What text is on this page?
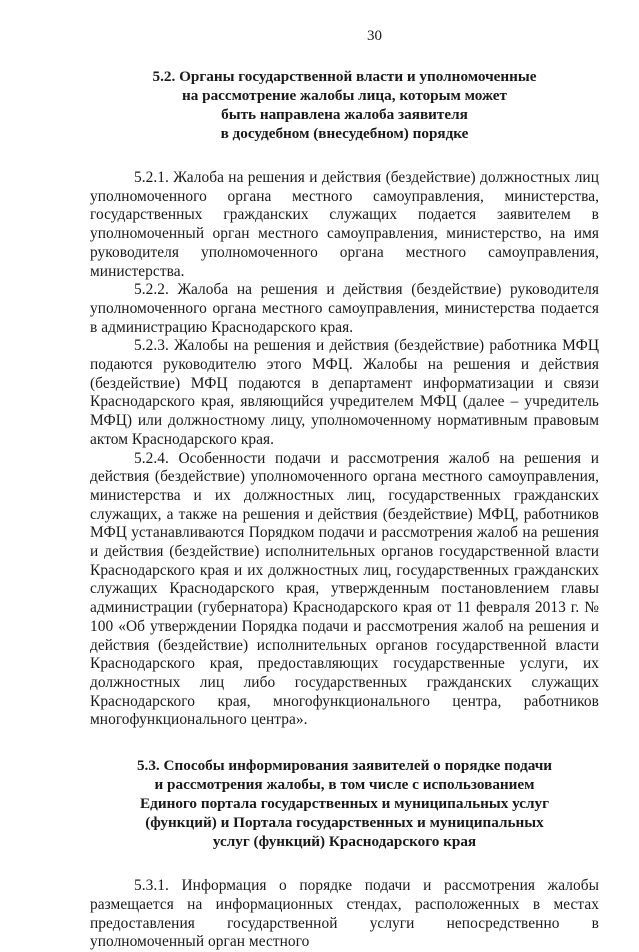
30
5.2. Органы государственной власти и уполномоченные
на рассмотрение жалобы лица, которым может
быть направлена жалоба заявителя
в досудебном (внесудебном) порядке

5.2.1. Жалоба на решения и действия (бездействие) должностных лиц уполномоченного органа местного самоуправления, министерства, государственных гражданских служащих подается заявителем в уполномоченный орган местного самоуправления, министерство, на имя руководителя уполномоченного органа местного самоуправления, министерства.

5.2.2. Жалоба на решения и действия (бездействие) руководителя уполномоченного органа местного самоуправления, министерства подается в администрацию Краснодарского края.

5.2.3. Жалобы на решения и действия (бездействие) работника МФЦ подаются руководителю этого МФЦ. Жалобы на решения и действия (бездействие) МФЦ подаются в департамент информатизации и связи Краснодарского края, являющийся учредителем МФЦ (далее – учредитель МФЦ) или должностному лицу, уполномоченному нормативным правовым актом Краснодарского края.

5.2.4. Особенности подачи и рассмотрения жалоб на решения и действия (бездействие) уполномоченного органа местного самоуправления, министерства и их должностных лиц, государственных гражданских служащих, а также на решения и действия (бездействие) МФЦ, работников МФЦ устанавливаются Порядком подачи и рассмотрения жалоб на решения и действия (бездействие) исполнительных органов государственной власти Краснодарского края и их должностных лиц, государственных гражданских служащих Краснодарского края, утвержденным постановлением главы администрации (губернатора) Краснодарского края от 11 февраля 2013 г. № 100 «Об утверждении Порядка подачи и рассмотрения жалоб на решения и действия (бездействие) исполнительных органов государственной власти Краснодарского края, предоставляющих государственные услуги, их должностных лиц либо государственных гражданских служащих Краснодарского края, многофункционального центра, работников многофункционального центра».

5.3. Способы информирования заявителей о порядке подачи
и рассмотрения жалобы, в том числе с использованием
Единого портала государственных и муниципальных услуг
(функций) и Портала государственных и муниципальных
услуг (функций) Краснодарского края

5.3.1. Информация о порядке подачи и рассмотрения жалобы размещается на информационных стендах, расположенных в местах предоставления государственной услуги непосредственно в уполномоченный орган местного
